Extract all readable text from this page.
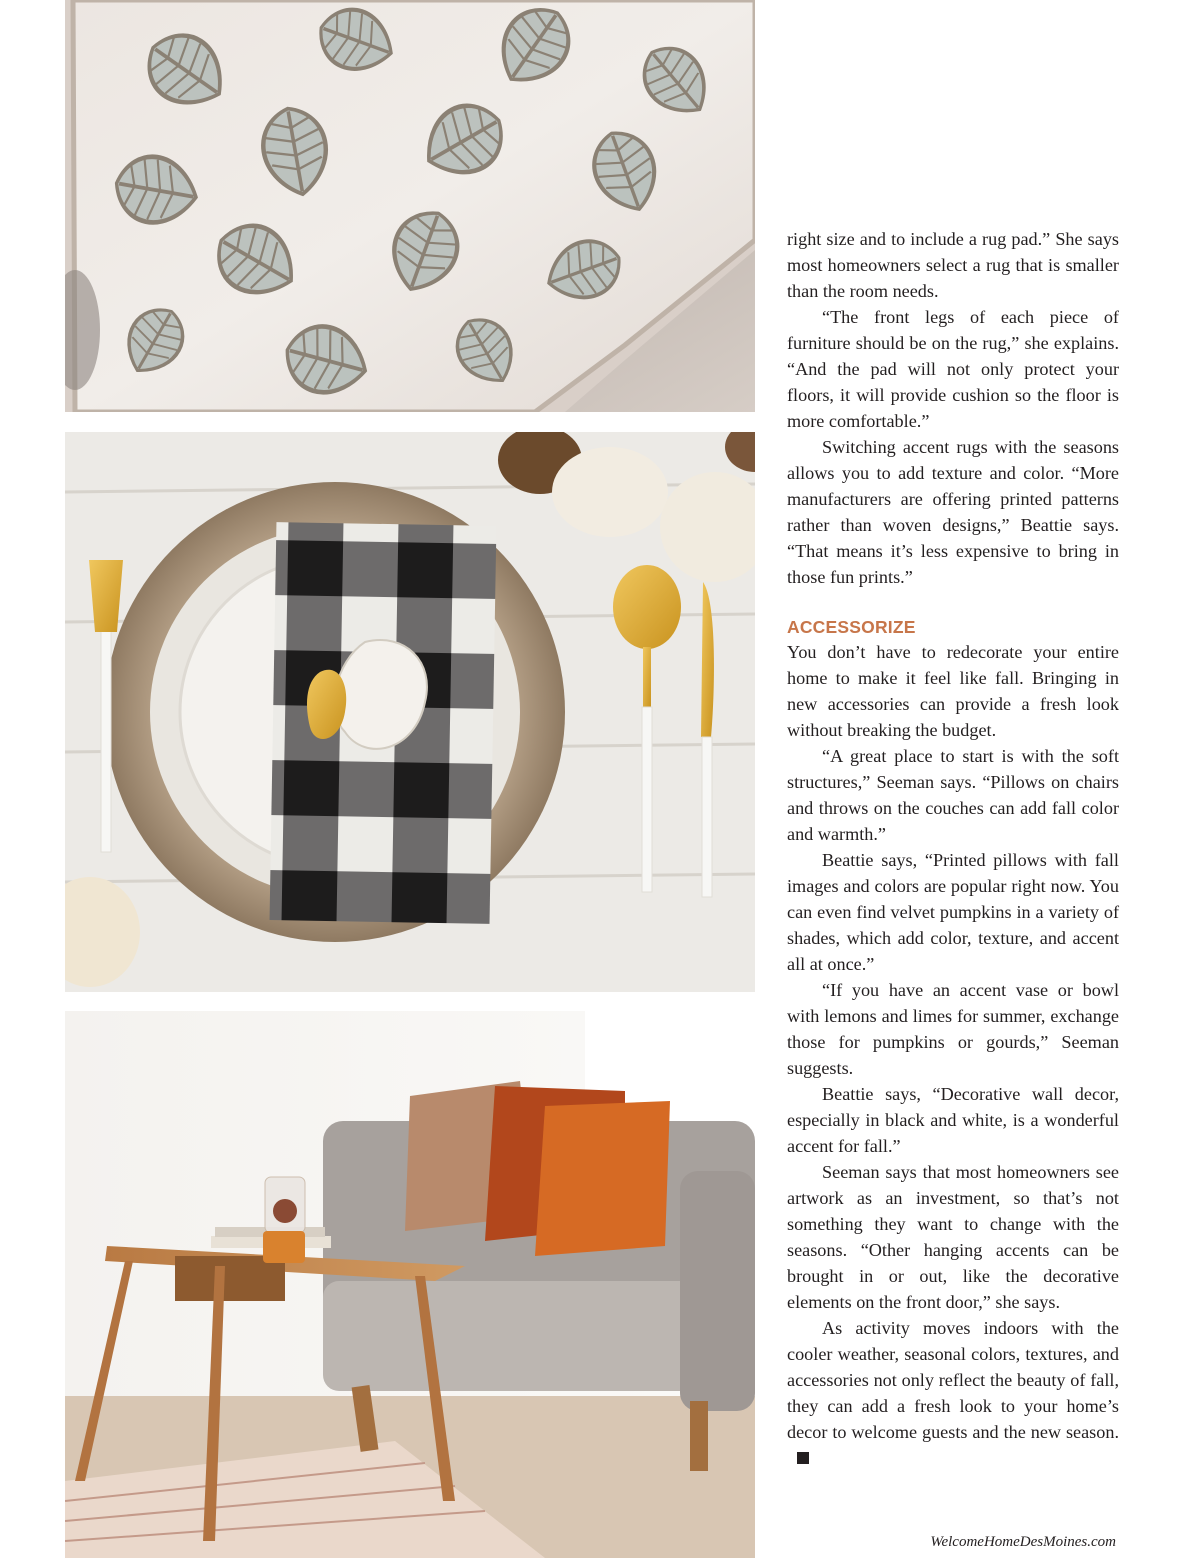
right size and to include a rug pad.” She says most homeowners select a rug that is smaller than the room needs.

“The front legs of each piece of furniture should be on the rug,” she explains. “And the pad will not only protect your floors, it will provide cushion so the floor is more comfortable.”

Switching accent rugs with the seasons allows you to add texture and color. “More manufacturers are offering printed patterns rather than woven designs,” Beattie says. “That means it’s less expensive to bring in those fun prints.”

ACCESSORIZE

You don’t have to redecorate your entire home to make it feel like fall. Bringing in new accessories can provide a fresh look without breaking the budget.

“A great place to start is with the soft structures,” Seeman says. “Pillows on chairs and throws on the couches can add fall color and warmth.”

Beattie says, “Printed pillows with fall images and colors are popular right now. You can even find velvet pumpkins in a variety of shades, which add color, texture, and accent all at once.”

“If you have an accent vase or bowl with lemons and limes for summer, exchange those for pumpkins or gourds,” Seeman suggests.

Beattie says, “Decorative wall decor, especially in black and white, is a wonderful accent for fall.”

Seeman says that most homeowners see artwork as an investment, so that’s not something they want to change with the seasons. “Other hanging accents can be brought in or out, like the decorative elements on the front door,” she says.

As activity moves indoors with the cooler weather, seasonal colors, textures, and accessories not only reflect the beauty of fall, they can add a fresh look to your home’s decor to welcome guests and the new season.

WelcomeHomeDesMoines.com
